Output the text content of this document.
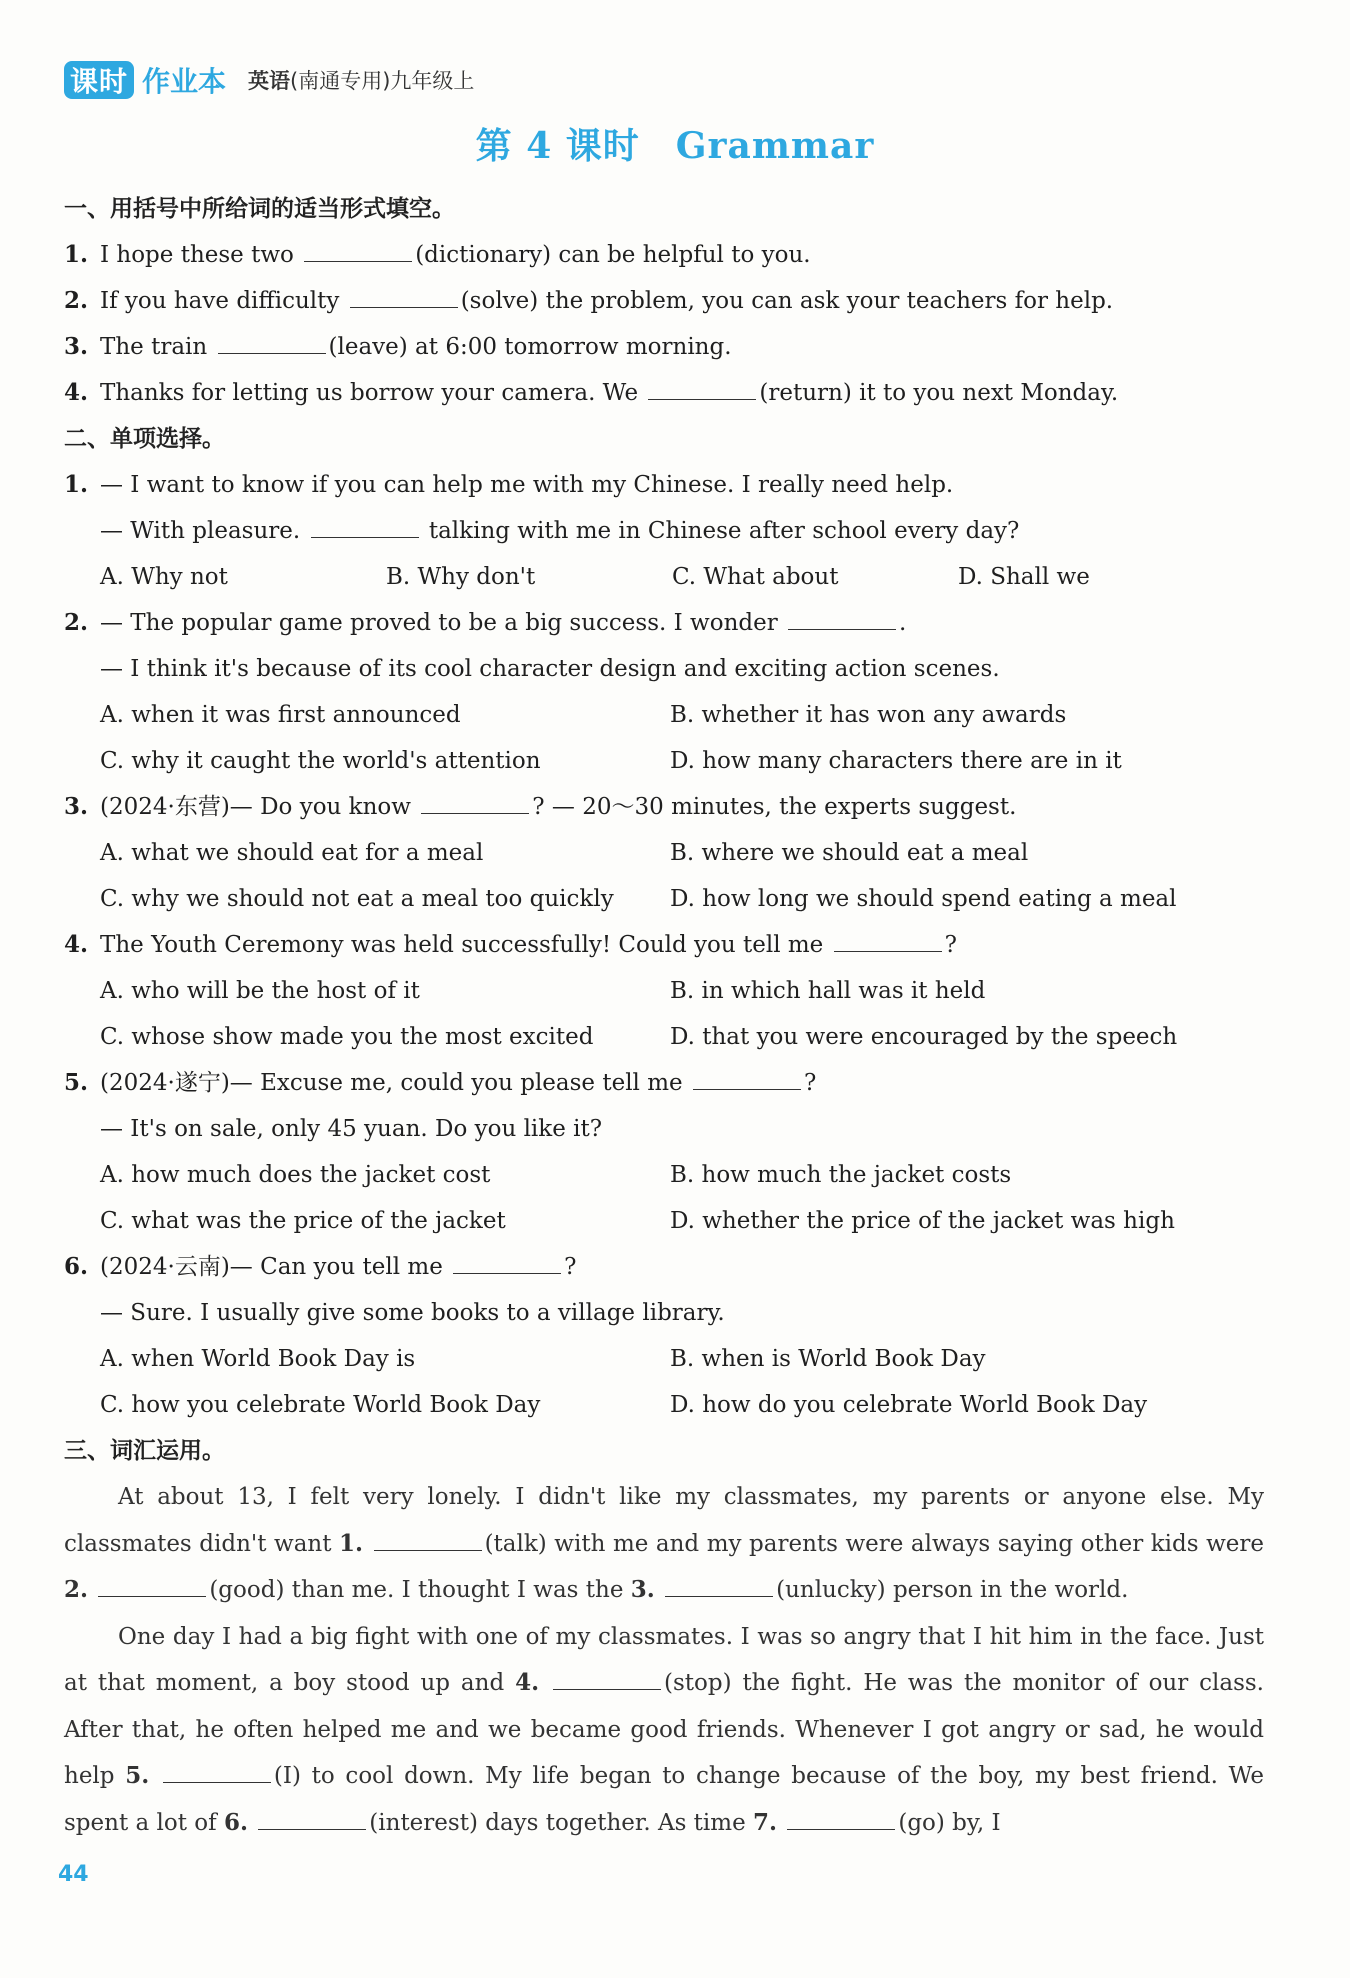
课时 作业本 英语(南通专用)九年级上
第 4 课时 Grammar
一、用括号中所给词的适当形式填空。
1. I hope these two	(dictionary) can be helpful to you.
2. If you have difficulty	(solve) the problem, you can ask your teachers for help.
3. The train	(leave) at 6:00 tomorrow morning.
4. Thanks for letting us borrow your camera. We	(return) it to you next Monday.
二、单项选择。
1. — I want to know if you can help me with my Chinese. I really need help.
— With pleasure.	talking with me in Chinese after school every day?
A. Why not	B. Why don't	C. What about	D. Shall we
2. — The popular game proved to be a big success. I wonder	.
— I think it's because of its cool character design and exciting action scenes.
A. when it was first announced	B. whether it has won any awards
C. why it caught the world's attention	D. how many characters there are in it
3. (2024·东营)— Do you know	? — 20～30 minutes, the experts suggest.
A. what we should eat for a meal	B. where we should eat a meal
C. why we should not eat a meal too quickly	D. how long we should spend eating a meal
4. The Youth Ceremony was held successfully! Could you tell me	?
A. who will be the host of it	B. in which hall was it held
C. whose show made you the most excited	D. that you were encouraged by the speech
5. (2024·遂宁)— Excuse me, could you please tell me	?
— It's on sale, only 45 yuan. Do you like it?
A. how much does the jacket cost	B. how much the jacket costs
C. what was the price of the jacket	D. whether the price of the jacket was high
6. (2024·云南)— Can you tell me	?
— Sure. I usually give some books to a village library.
A. when World Book Day is	B. when is World Book Day
C. how you celebrate World Book Day	D. how do you celebrate World Book Day
三、词汇运用。

At about 13, I felt very lonely. I didn't like my classmates, my parents or anyone else. My classmates didn't want 1.	(talk) with me and my parents were always saying other kids were 2.	(good) than me. I thought I was the 3.	(unlucky) person in the world.

One day I had a big fight with one of my classmates. I was so angry that I hit him in the face. Just at that moment, a boy stood up and 4.	(stop) the fight. He was the monitor of our class. After that, he often helped me and we became good friends. Whenever I got angry or sad, he would help 5.	(I) to cool down. My life began to change because of the boy, my best friend. We spent a lot of 6.	(interest) days together. As time 7.	(go) by, I

44
